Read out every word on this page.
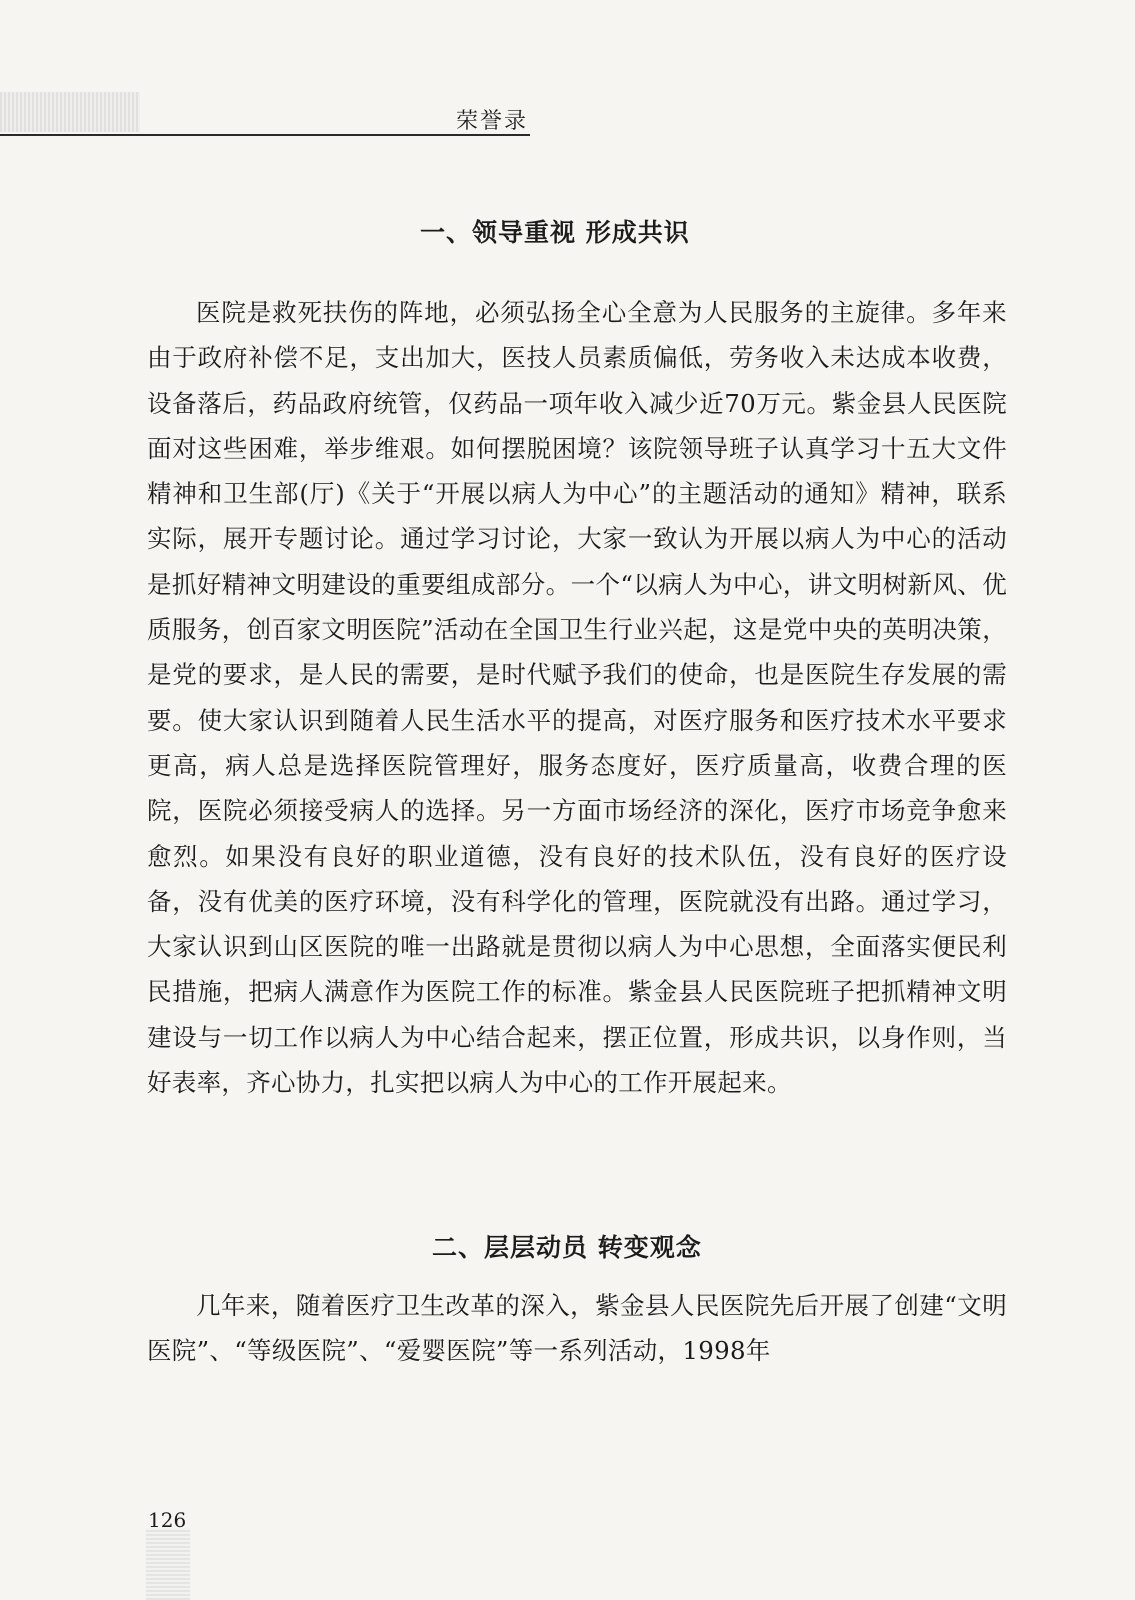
荣誉录
一、领导重视 形成共识

医院是救死扶伤的阵地，必须弘扬全心全意为人民服务的主旋律。多年来由于政府补偿不足，支出加大，医技人员素质偏低，劳务收入未达成本收费，设备落后，药品政府统管，仅药品一项年收入减少近70万元。紫金县人民医院面对这些困难，举步维艰。如何摆脱困境？该院领导班子认真学习十五大文件精神和卫生部(厅)《关于“开展以病人为中心”的主题活动的通知》精神，联系实际，展开专题讨论。通过学习讨论，大家一致认为开展以病人为中心的活动是抓好精神文明建设的重要组成部分。一个“以病人为中心，讲文明树新风、优质服务，创百家文明医院”活动在全国卫生行业兴起，这是党中央的英明决策，是党的要求，是人民的需要，是时代赋予我们的使命，也是医院生存发展的需要。使大家认识到随着人民生活水平的提高，对医疗服务和医疗技术水平要求更高，病人总是选择医院管理好，服务态度好，医疗质量高，收费合理的医院，医院必须接受病人的选择。另一方面市场经济的深化，医疗市场竞争愈来愈烈。如果没有良好的职业道德，没有良好的技术队伍，没有良好的医疗设备，没有优美的医疗环境，没有科学化的管理，医院就没有出路。通过学习，大家认识到山区医院的唯一出路就是贯彻以病人为中心思想，全面落实便民利民措施，把病人满意作为医院工作的标准。紫金县人民医院班子把抓精神文明建设与一切工作以病人为中心结合起来，摆正位置，形成共识，以身作则，当好表率，齐心协力，扎实把以病人为中心的工作开展起来。

二、层层动员 转变观念

几年来，随着医疗卫生改革的深入，紫金县人民医院先后开展了创建“文明医院”、“等级医院”、“爱婴医院”等一系列活动，1998年

126
